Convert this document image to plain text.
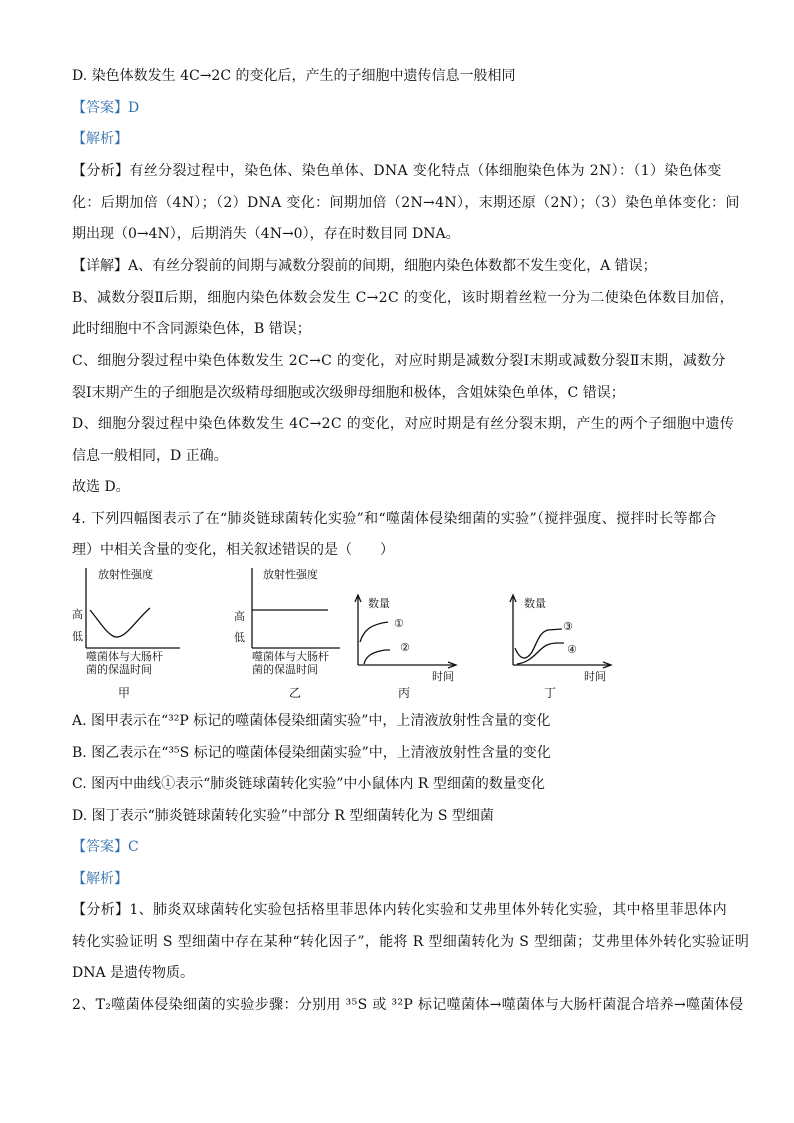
D. 染色体数发生 4C→2C 的变化后，产生的子细胞中遗传信息一般相同
【答案】D
【解析】
【分析】有丝分裂过程中，染色体、染色单体、DNA 变化特点（体细胞染色体为 2N）：（1）染色体变
化：后期加倍（4N）；（2）DNA 变化：间期加倍（2N→4N），末期还原（2N）；（3）染色单体变化：间
期出现（0→4N），后期消失（4N→0），存在时数目同 DNA。
【详解】A、有丝分裂前的间期与减数分裂前的间期，细胞内染色体数都不发生变化，A 错误；
B、减数分裂Ⅱ后期，细胞内染色体数会发生 C→2C 的变化，该时期着丝粒一分为二使染色体数目加倍，
此时细胞中不含同源染色体，B 错误；
C、细胞分裂过程中染色体数发生 2C→C 的变化，对应时期是减数分裂Ⅰ末期或减数分裂Ⅱ末期，减数分
裂Ⅰ末期产生的子细胞是次级精母细胞或次级卵母细胞和极体，含姐妹染色单体，C 错误；
D、细胞分裂过程中染色体数发生 4C→2C 的变化，对应时期是有丝分裂末期，产生的两个子细胞中遗传
信息一般相同，D 正确。
故选 D。
4. 下列四幅图表示了在“肺炎链球菌转化实验”和“噬菌体侵染细菌的实验”（搅拌强度、搅拌时长等都合
理）中相关含量的变化，相关叙述错误的是（　　）
放射性强度
高
低
噬菌体与大肠杆
菌的保温时间
甲
放射性强度
高
低
噬菌体与大肠杆
菌的保温时间
乙
数量
①
②
时间
丙
数量
③
④
时间
丁
A. 图甲表示在“³²P 标记的噬菌体侵染细菌实验”中，上清液放射性含量的变化
B. 图乙表示在“³⁵S 标记的噬菌体侵染细菌实验”中，上清液放射性含量的变化
C. 图丙中曲线①表示“肺炎链球菌转化实验”中小鼠体内 R 型细菌的数量变化
D. 图丁表示“肺炎链球菌转化实验”中部分 R 型细菌转化为 S 型细菌
【答案】C
【解析】
【分析】1、肺炎双球菌转化实验包括格里菲思体内转化实验和艾弗里体外转化实验，其中格里菲思体内
转化实验证明 S 型细菌中存在某种“转化因子”，能将 R 型细菌转化为 S 型细菌；艾弗里体外转化实验证明
DNA 是遗传物质。
2、T₂噬菌体侵染细菌的实验步骤：分别用 ³⁵S 或 ³²P 标记噬菌体→噬菌体与大肠杆菌混合培养→噬菌体侵
